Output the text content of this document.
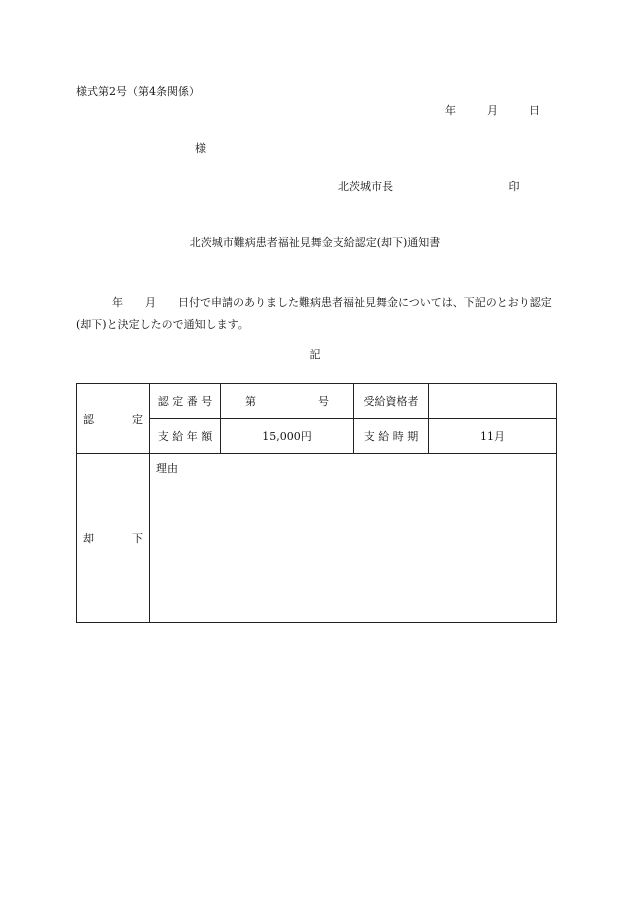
様式第2号（第4条関係）
年	月	日
様
北茨城市長	印
北茨城市難病患者福祉見舞金支給認定(却下)通知書
年　　月　　日付で申請のありました難病患者福祉見舞金については、下記のとおり認定(却下)と決定したので通知します。
記
認 定	認 定 番 号	第 号	受給資格者	
	支 給 年 額	15,000円	支 給 時 期	11月

却 下	理由			
